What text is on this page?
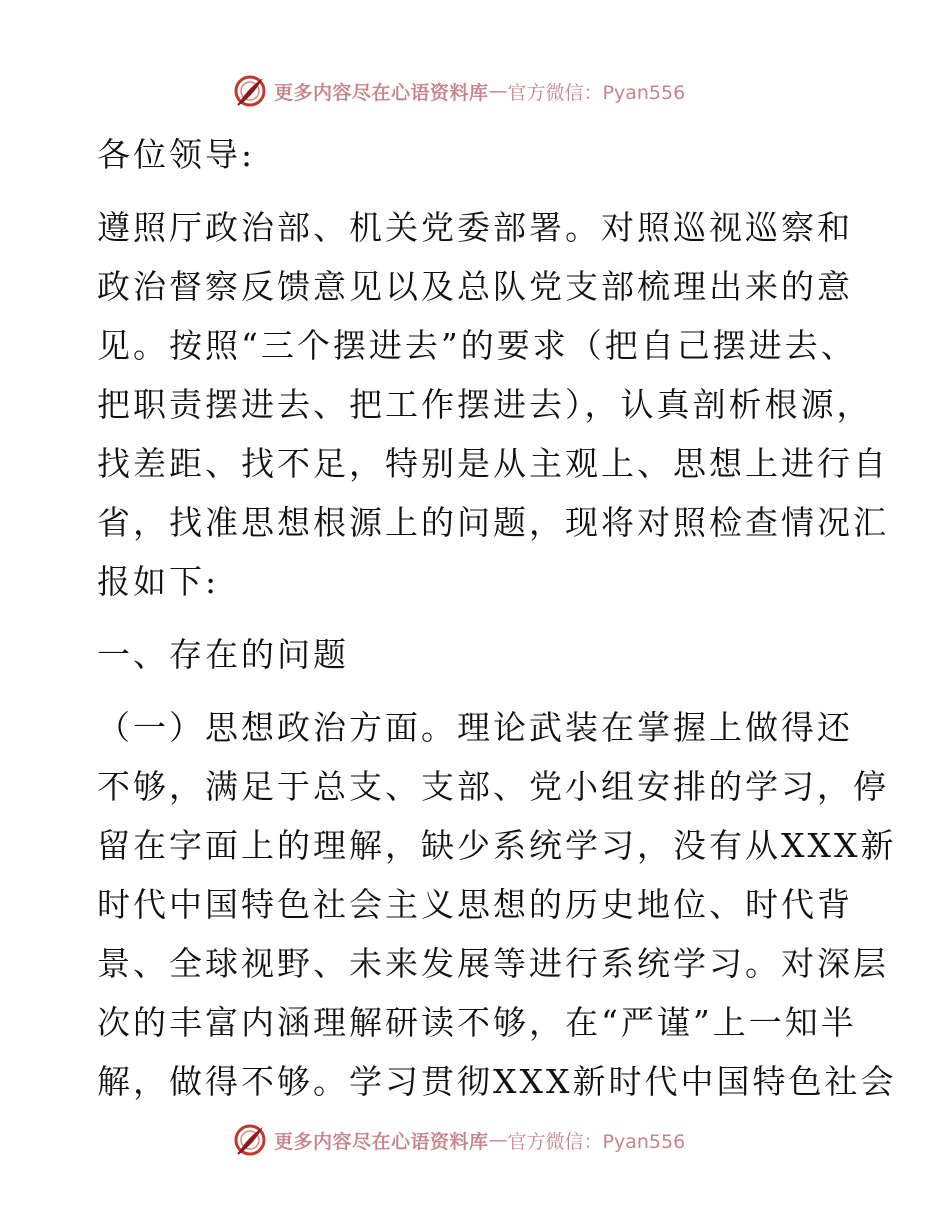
更多内容尽在心语资料库 — 官方微信：Pyan556
各位领导:
遵照厅政治部、机关党委部署。对照巡视巡察和
政治督察反馈意见以及总队党支部梳理出来的意
见。按照“三个摆进去”的要求（把自己摆进去、
把职责摆进去、把工作摆进去），认真剖析根源，
找差距、找不足，特别是从主观上、思想上进行自
省，找准思想根源上的问题，现将对照检查情况汇
报如下:
一、存在的问题
（一）思想政治方面。理论武装在掌握上做得还
不够，满足于总支、支部、党小组安排的学习，停
留在字面上的理解，缺少系统学习，没有从XXX新
时代中国特色社会主义思想的历史地位、时代背
景、全球视野、未来发展等进行系统学习。对深层
次的丰富内涵理解研读不够，在“严谨”上一知半
解，做得不够。学习贯彻XXX新时代中国特色社会
更多内容尽在心语资料库 — 官方微信：Pyan556
